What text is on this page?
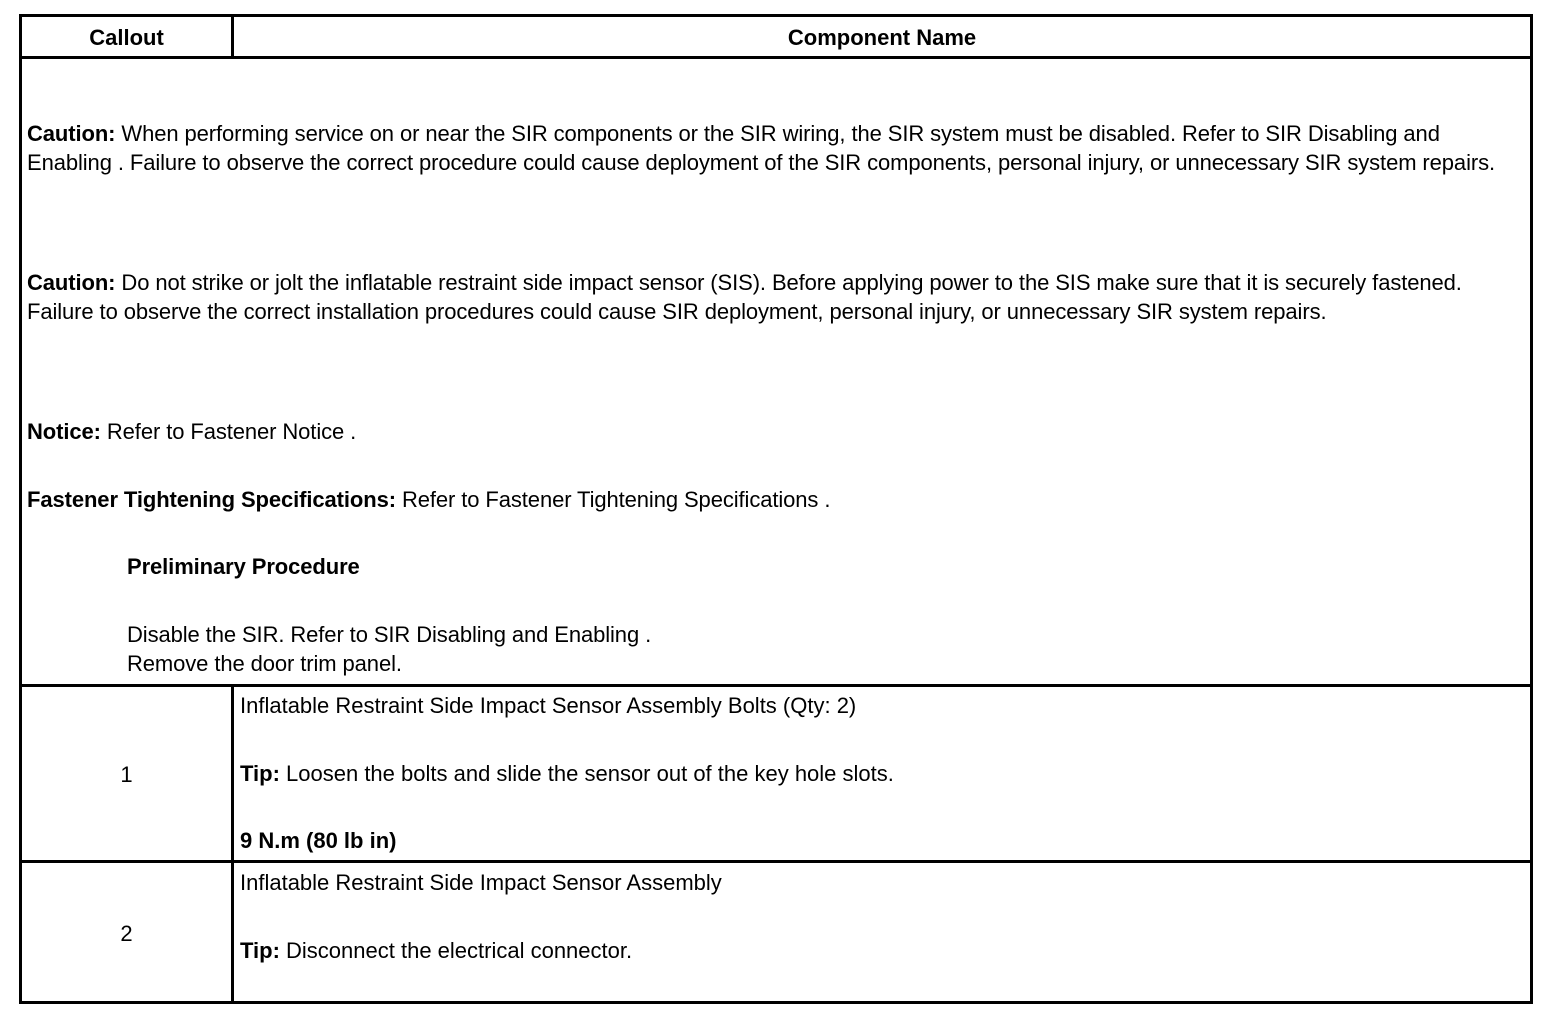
Callout	Component Name

Caution: When performing service on or near the SIR components or the SIR wiring, the SIR system must be disabled. Refer to SIR Disabling and Enabling . Failure to observe the correct procedure could cause deployment of the SIR components, personal injury, or unnecessary SIR system repairs.

Caution: Do not strike or jolt the inflatable restraint side impact sensor (SIS). Before applying power to the SIS make sure that it is securely fastened. Failure to observe the correct installation procedures could cause SIR deployment, personal injury, or unnecessary SIR system repairs.

Notice: Refer to Fastener Notice .

Fastener Tightening Specifications: Refer to Fastener Tightening Specifications .

Preliminary Procedure

Disable the SIR. Refer to SIR Disabling and Enabling .

Remove the door trim panel.

1

Inflatable Restraint Side Impact Sensor Assembly Bolts (Qty: 2)

Tip: Loosen the bolts and slide the sensor out of the key hole slots.

9 N.m (80 lb in)

2

Inflatable Restraint Side Impact Sensor Assembly

Tip: Disconnect the electrical connector.
